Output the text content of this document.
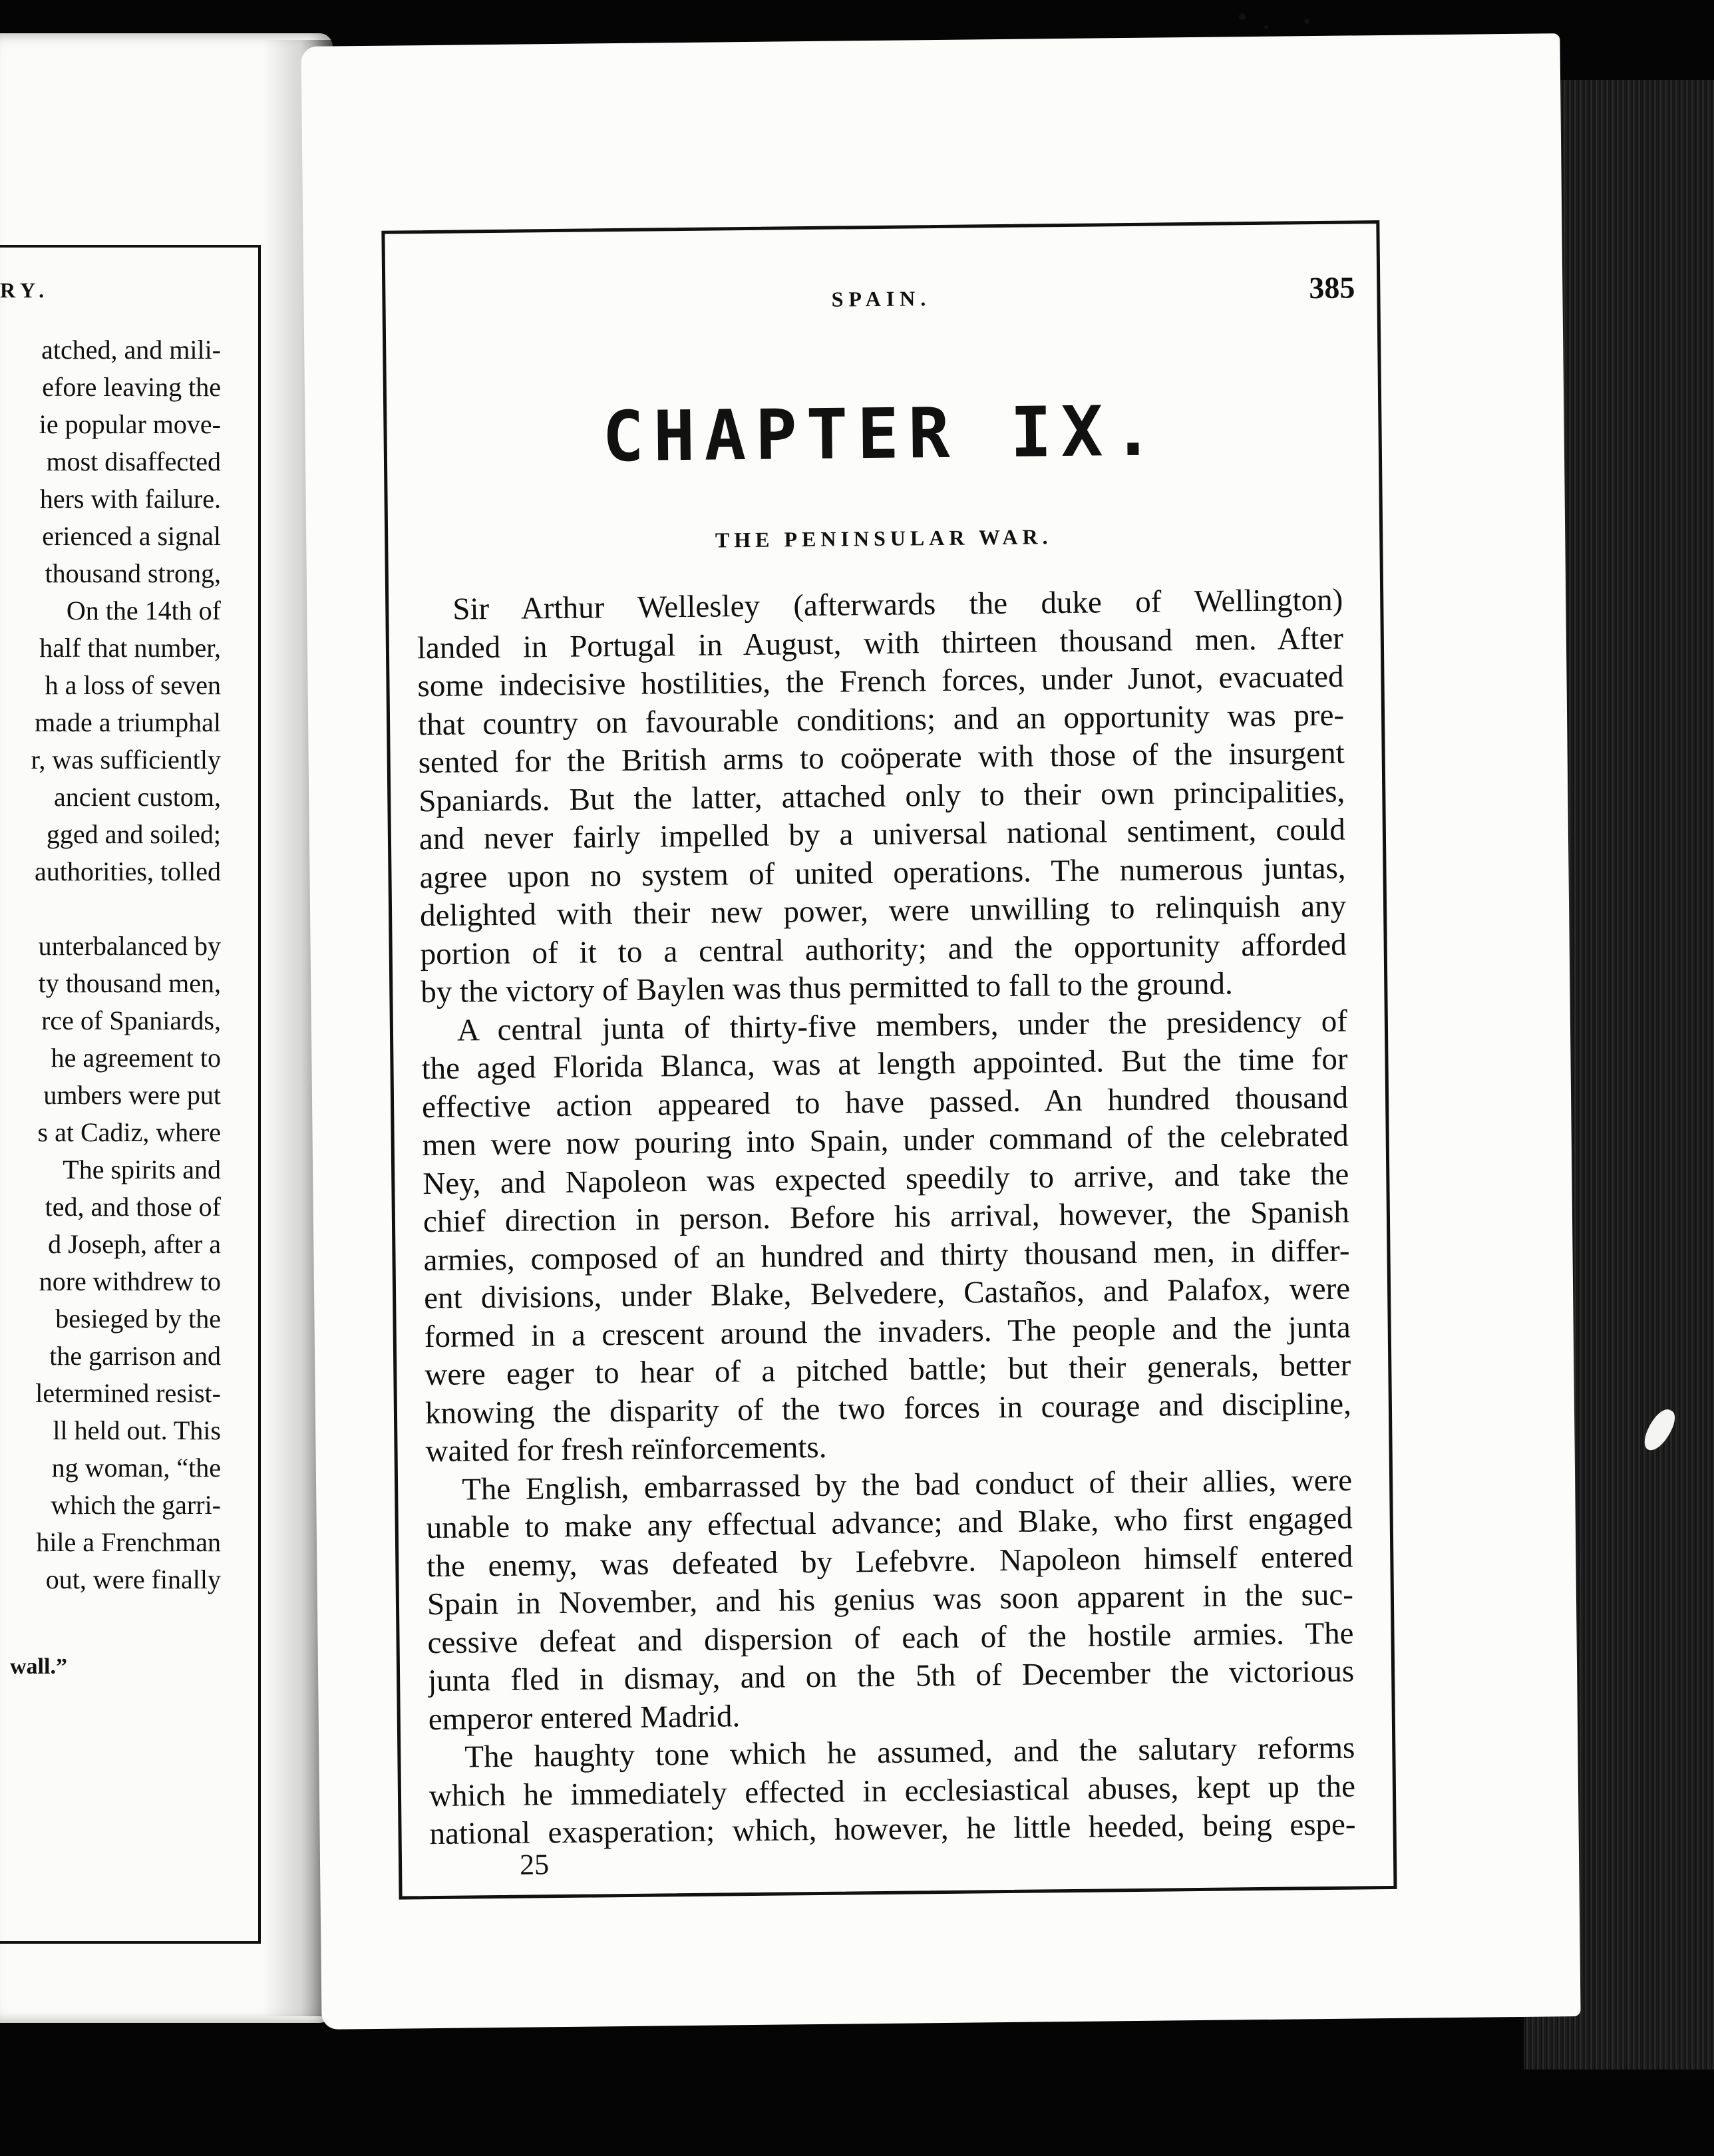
RY.
atched, and mili-
efore leaving the
ie popular move-
most disaffected
hers with failure.
erienced a signal
thousand strong,
On the 14th of
half that number,
h a loss of seven
made a triumphal
r, was sufficiently
ancient custom,
gged and soiled;
authorities, tolled
unterbalanced by
ty thousand men,
rce of Spaniards,
he agreement to
umbers were put
s at Cadiz, where
The spirits and
ted, and those of
d Joseph, after a
nore withdrew to
besieged by the
the garrison and
letermined resist-
ll held out. This
ng woman, “the
which the garri-
hile a Frenchman
out, were finally
wall.”
SPAIN.	385
CHAPTER IX.
THE PENINSULAR WAR.
Sir Arthur Wellesley (afterwards the duke of Wellington)
landed in Portugal in August, with thirteen thousand men. After
some indecisive hostilities, the French forces, under Junot, evacuated
that country on favourable conditions; and an opportunity was pre-
sented for the British arms to coöperate with those of the insurgent
Spaniards. But the latter, attached only to their own principalities,
and never fairly impelled by a universal national sentiment, could
agree upon no system of united operations. The numerous juntas,
delighted with their new power, were unwilling to relinquish any
portion of it to a central authority; and the opportunity afforded
by the victory of Baylen was thus permitted to fall to the ground.
A central junta of thirty-five members, under the presidency of
the aged Florida Blanca, was at length appointed. But the time for
effective action appeared to have passed. An hundred thousand
men were now pouring into Spain, under command of the celebrated
Ney, and Napoleon was expected speedily to arrive, and take the
chief direction in person. Before his arrival, however, the Spanish
armies, composed of an hundred and thirty thousand men, in differ-
ent divisions, under Blake, Belvedere, Castaños, and Palafox, were
formed in a crescent around the invaders. The people and the junta
were eager to hear of a pitched battle; but their generals, better
knowing the disparity of the two forces in courage and discipline,
waited for fresh reïnforcements.
The English, embarrassed by the bad conduct of their allies, were
unable to make any effectual advance; and Blake, who first engaged
the enemy, was defeated by Lefebvre. Napoleon himself entered
Spain in November, and his genius was soon apparent in the suc-
cessive defeat and dispersion of each of the hostile armies. The
junta fled in dismay, and on the 5th of December the victorious
emperor entered Madrid.
The haughty tone which he assumed, and the salutary reforms
which he immediately effected in ecclesiastical abuses, kept up the
national exasperation; which, however, he little heeded, being espe-
25
